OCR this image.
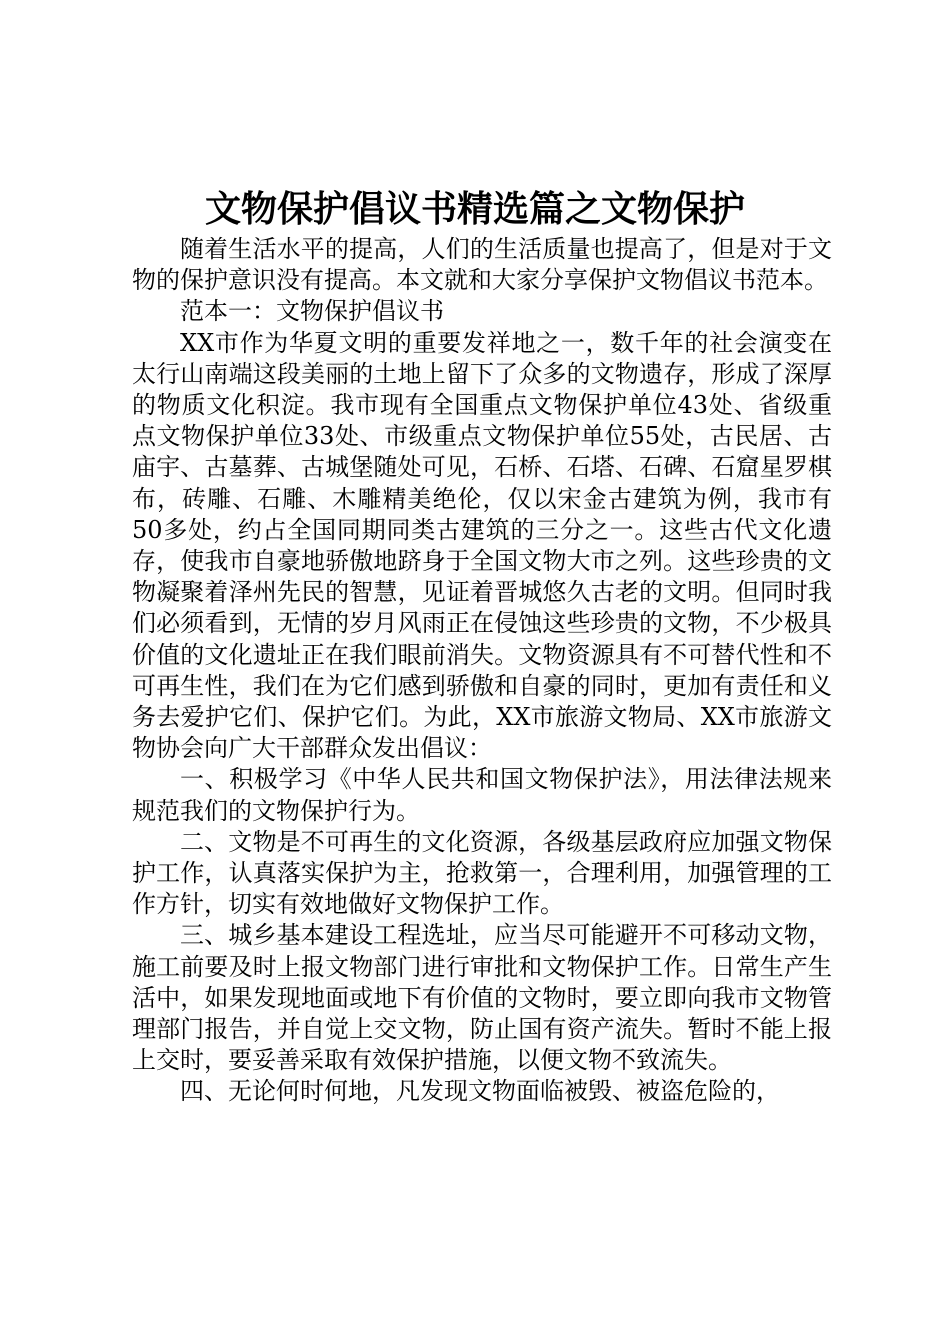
文物保护倡议书精选篇之文物保护

随着生活水平的提高，人们的生活质量也提高了，但是对于文物的保护意识没有提高。本文就和大家分享保护文物倡议书范本。

范本一：文物保护倡议书

XX市作为华夏文明的重要发祥地之一，数千年的社会演变在太行山南端这段美丽的土地上留下了众多的文物遗存，形成了深厚的物质文化积淀。我市现有全国重点文物保护单位43处、省级重点文物保护单位33处、市级重点文物保护单位55处，古民居、古庙宇、古墓葬、古城堡随处可见，石桥、石塔、石碑、石窟星罗棋布，砖雕、石雕、木雕精美绝伦，仅以宋金古建筑为例，我市有50多处，约占全国同期同类古建筑的三分之一。这些古代文化遗存，使我市自豪地骄傲地跻身于全国文物大市之列。这些珍贵的文物凝聚着泽州先民的智慧，见证着晋城悠久古老的文明。但同时我们必须看到，无情的岁月风雨正在侵蚀这些珍贵的文物，不少极具价值的文化遗址正在我们眼前消失。文物资源具有不可替代性和不可再生性，我们在为它们感到骄傲和自豪的同时，更加有责任和义务去爱护它们、保护它们。为此，XX市旅游文物局、XX市旅游文物协会向广大干部群众发出倡议：

一、积极学习《中华人民共和国文物保护法》，用法律法规来规范我们的文物保护行为。

二、文物是不可再生的文化资源，各级基层政府应加强文物保护工作，认真落实保护为主，抢救第一，合理利用，加强管理的工作方针，切实有效地做好文物保护工作。

三、城乡基本建设工程选址，应当尽可能避开不可移动文物，施工前要及时上报文物部门进行审批和文物保护工作。日常生产生活中，如果发现地面或地下有价值的文物时，要立即向我市文物管理部门报告，并自觉上交文物，防止国有资产流失。暂时不能上报上交时，要妥善采取有效保护措施，以便文物不致流失。

四、无论何时何地，凡发现文物面临被毁、被盗危险的，
